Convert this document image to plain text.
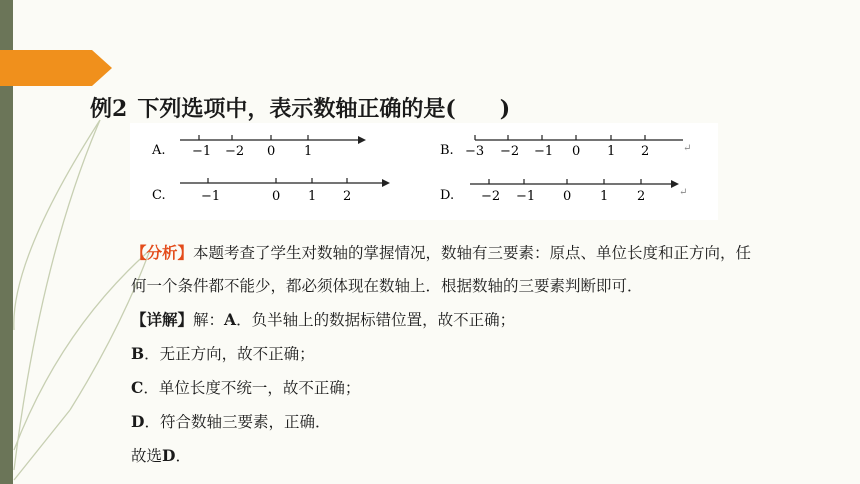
例2 下列选项中，表示数轴正确的是(　　)
A. −1 −2 0 1	B. −3 −2 −1 0 1 2	↵
C.	−1	0 1 2	D. −2 −1 0 1 2	↵

【分析】本题考查了学生对数轴的掌握情况，数轴有三要素：原点、单位长度和正方向，任

何一个条件都不能少，都必须体现在数轴上．根据数轴的三要素判断即可．

【详解】解：A．负半轴上的数据标错位置，故不正确；

B．无正方向，故不正确；

C．单位长度不统一，故不正确；

D．符合数轴三要素，正确．

故选D．
